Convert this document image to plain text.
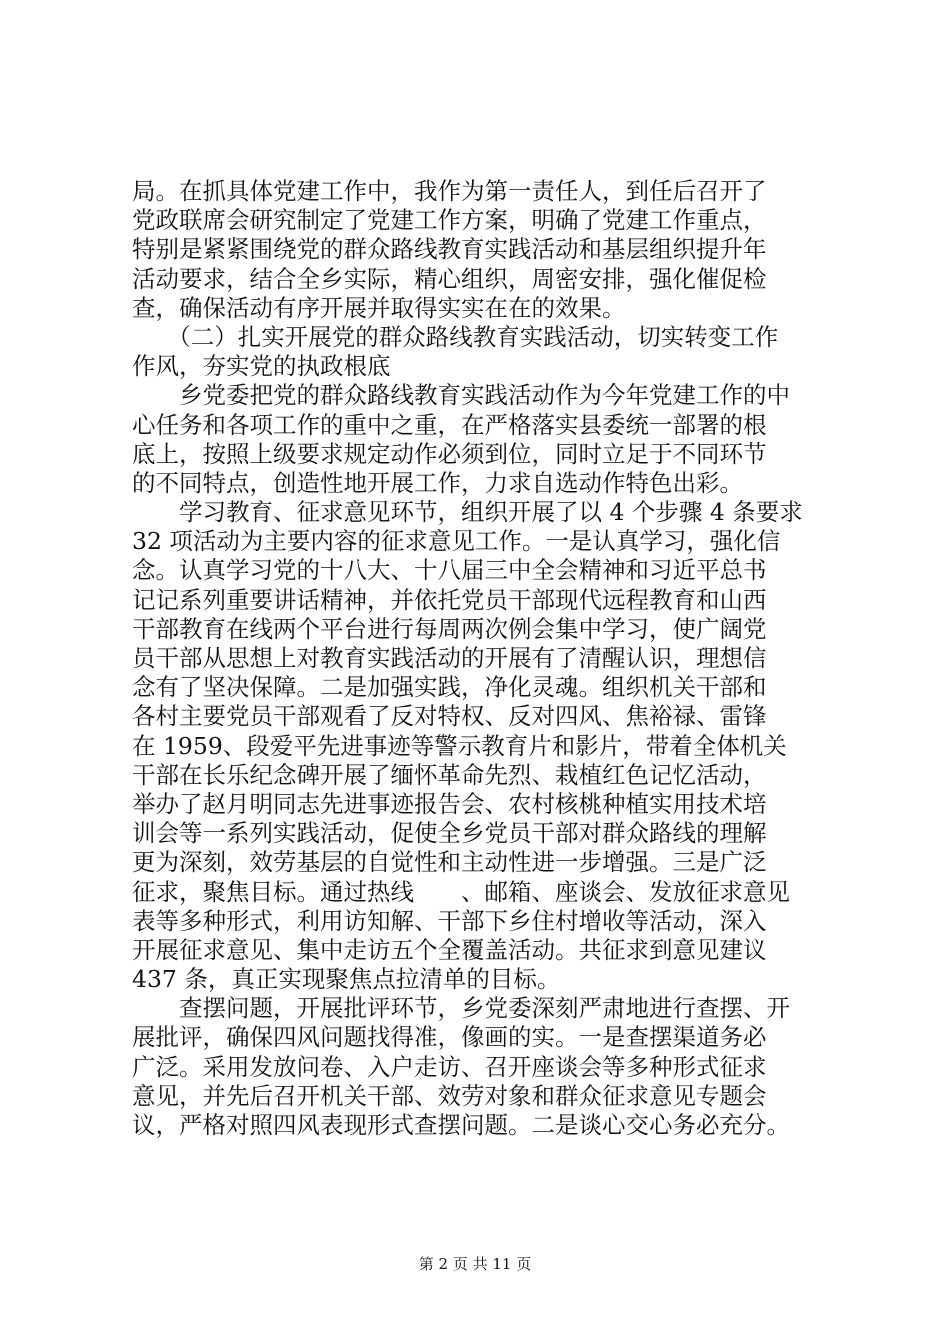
局。在抓具体党建工作中，我作为第一责任人，到任后召开了
党政联席会研究制定了党建工作方案，明确了党建工作重点，
特别是紧紧围绕党的群众路线教育实践活动和基层组织提升年
活动要求，结合全乡实际，精心组织，周密安排，强化催促检
查，确保活动有序开展并取得实实在在的效果。
　　（二）扎实开展党的群众路线教育实践活动，切实转变工作
作风，夯实党的执政根底
　　乡党委把党的群众路线教育实践活动作为今年党建工作的中
心任务和各项工作的重中之重，在严格落实县委统一部署的根
底上，按照上级要求规定动作必须到位，同时立足于不同环节
的不同特点，创造性地开展工作，力求自选动作特色出彩。
　　学习教育、征求意见环节，组织开展了以 4 个步骤 4 条要求
32 项活动为主要内容的征求意见工作。一是认真学习，强化信
念。认真学习党的十八大、十八届三中全会精神和习近平总书
记记系列重要讲话精神，并依托党员干部现代远程教育和山西
干部教育在线两个平台进行每周两次例会集中学习，使广阔党
员干部从思想上对教育实践活动的开展有了清醒认识，理想信
念有了坚决保障。二是加强实践，净化灵魂。组织机关干部和
各村主要党员干部观看了反对特权、反对四风、焦裕禄、雷锋
在 1959、段爱平先进事迹等警示教育片和影片，带着全体机关
干部在长乐纪念碑开展了缅怀革命先烈、栽植红色记忆活动，
举办了赵月明同志先进事迹报告会、农村核桃种植实用技术培
训会等一系列实践活动，促使全乡党员干部对群众路线的理解
更为深刻，效劳基层的自觉性和主动性进一步增强。三是广泛
征求，聚焦目标。通过热线　　、邮箱、座谈会、发放征求意见
表等多种形式，利用访知解、干部下乡住村增收等活动，深入
开展征求意见、集中走访五个全覆盖活动。共征求到意见建议
437 条，真正实现聚焦点拉清单的目标。
　　查摆问题，开展批评环节，乡党委深刻严肃地进行查摆、开
展批评，确保四风问题找得准，像画的实。一是查摆渠道务必
广泛。采用发放问卷、入户走访、召开座谈会等多种形式征求
意见，并先后召开机关干部、效劳对象和群众征求意见专题会
议，严格对照四风表现形式查摆问题。二是谈心交心务必充分。
第 2 页 共 11 页
